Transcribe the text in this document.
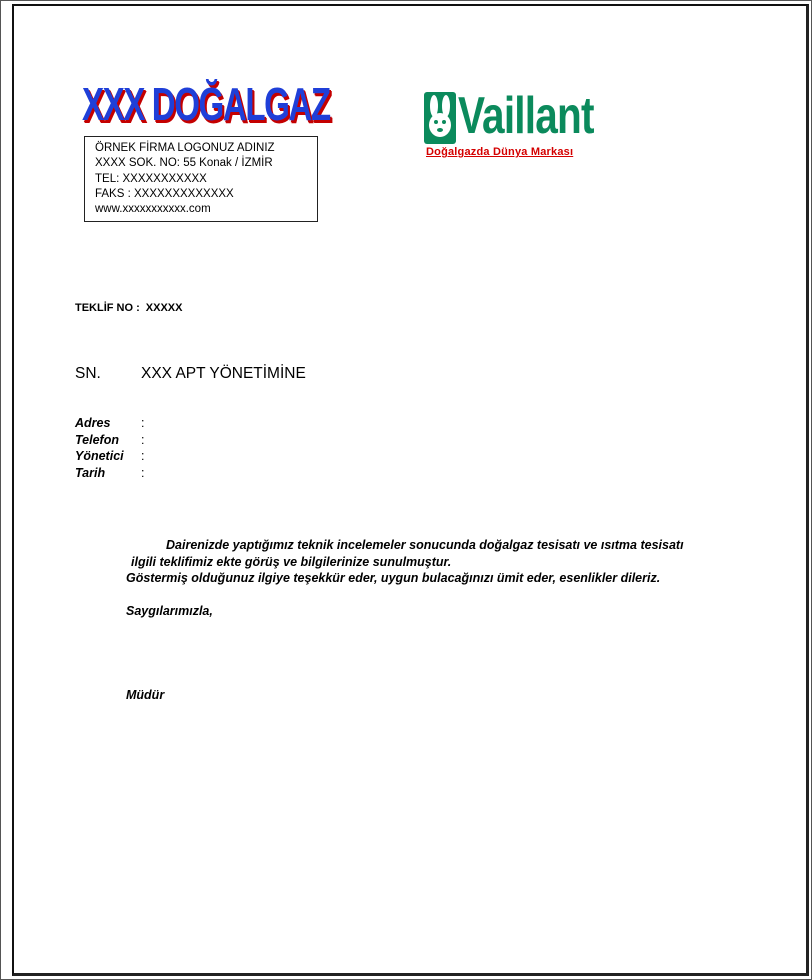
XXX DOĞALGAZ
ÖRNEK FİRMA LOGONUZ ADINIZ
XXXX SOK. NO: 55 Konak / İZMİR
TEL: XXXXXXXXXXX
FAKS : XXXXXXXXXXXXX
www.xxxxxxxxxxx.com
Vaillant
Doğalgazda Dünya Markası
TEKLİF NO : XXXXX
SN.	XXX APT YÖNETİMİNE
Adres :
Telefon :
Yönetici :
Tarih	:
Dairenizde yaptığımız teknik incelemeler sonucunda doğalgaz tesisatı ve ısıtma tesisatı
ilgili teklifimiz ekte görüş ve bilgilerinize sunulmuştur.
Göstermiş olduğunuz ilgiye teşekkür eder, uygun bulacağınızı ümit eder, esenlikler dileriz.
Saygılarımızla,
Müdür
